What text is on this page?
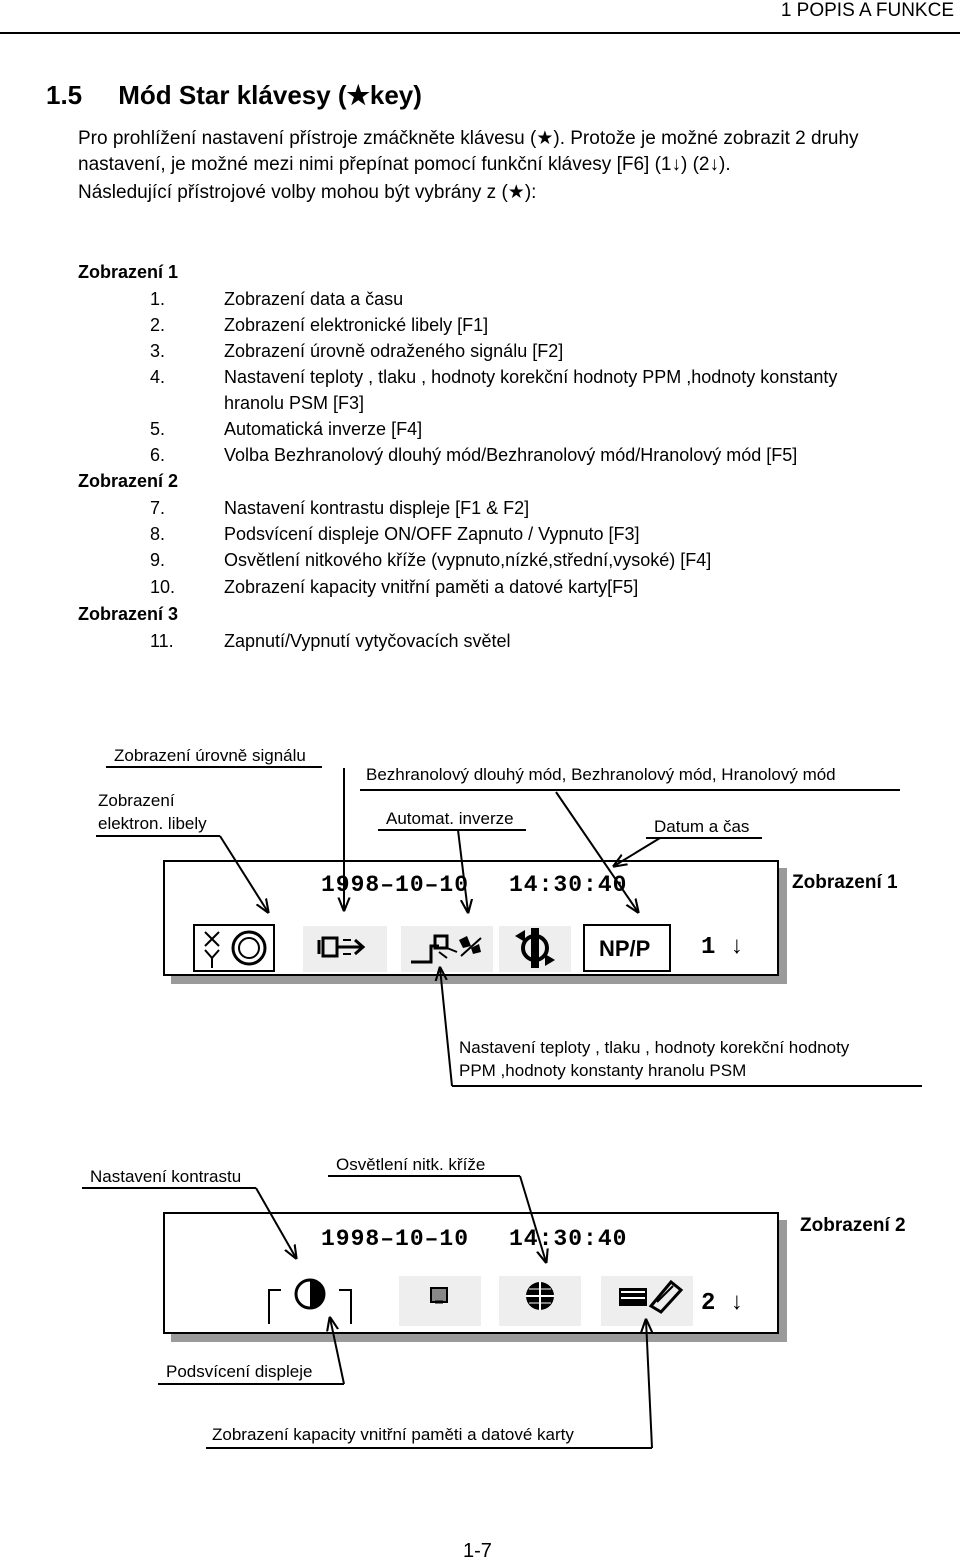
1 POPIS A FUNKCE
1.5     Mód Star klávesy (★key)
Pro prohlížení nastavení přístroje zmáčkněte klávesu (★). Protože je možné zobrazit 2 druhy
nastavení, je možné mezi nimi přepínat pomocí funkční klávesy [F6] (1↓) (2↓).
Následující přístrojové volby mohou být vybrány z (★):
Zobrazení 1
1.	Zobrazení data a času
2.	Zobrazení elektronické libely [F1]
3.	Zobrazení úrovně odraženého signálu [F2]
4.	Nastavení teploty , tlaku , hodnoty korekční hodnoty PPM ,hodnoty konstanty
hranolu PSM [F3]
5.	Automatická inverze [F4]
6.	Volba Bezhranolový dlouhý mód/Bezhranolový mód/Hranolový mód [F5]
Zobrazení 2
7.	Nastavení kontrastu displeje [F1 & F2]
8.	Podsvícení displeje ON/OFF Zapnuto / Vypnuto [F3]
9.	Osvětlení nitkového kříže (vypnuto,nízké,střední,vysoké) [F4]
10.	Zobrazení kapacity vnitřní paměti a datové karty[F5]
Zobrazení 3
11.	Zapnutí/Vypnutí vytyčovacích světel
Zobrazení úrovně signálu
Bezhranolový dlouhý mód, Bezhranolový mód, Hranolový mód
Zobrazení
elektron. libely	Automat. inverze	Datum a čas
1998–10–10 14:30:40
NP/P 1 ↓
Zobrazení 1
Nastavení teploty , tlaku , hodnoty korekční hodnoty
PPM ,hodnoty konstanty hranolu PSM
Nastavení kontrastu
Osvětlení nitk. kříže
1998–10–10 14:30:40
2 ↓
Zobrazení 2
Podsvícení displeje
Zobrazení kapacity vnitřní paměti a datové karty
1-7
